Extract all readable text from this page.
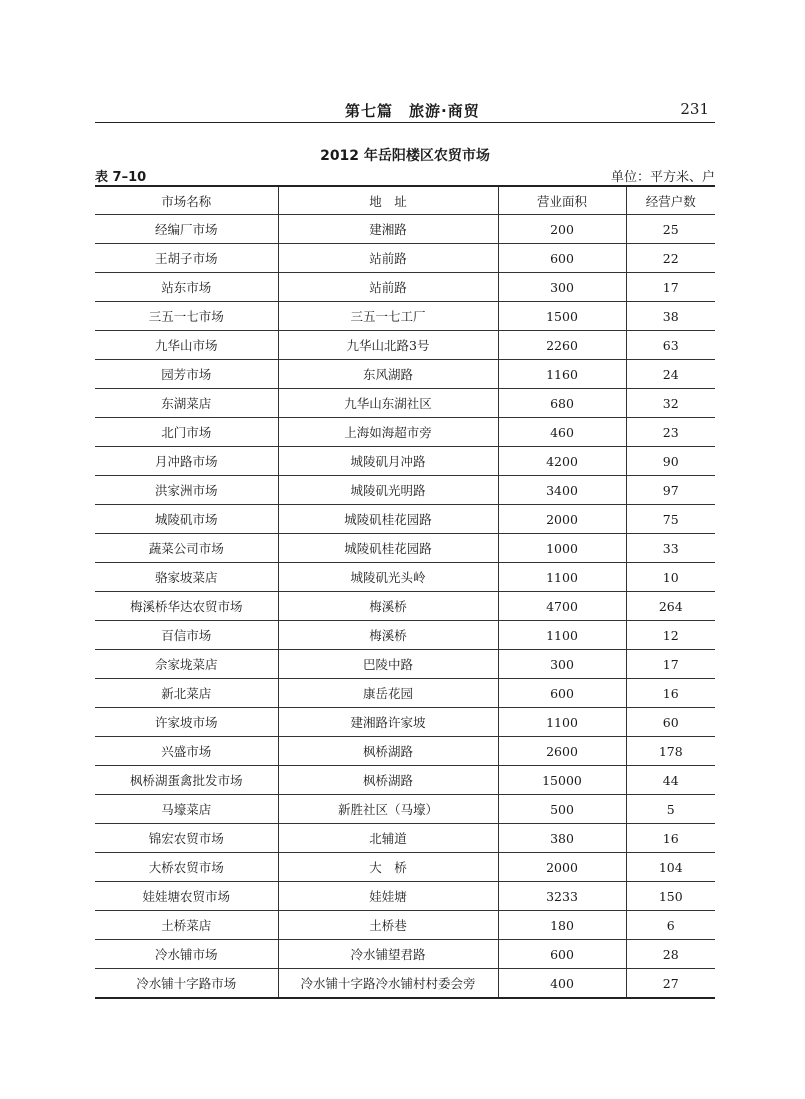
第七篇　旅游·商贸	231
2012 年岳阳楼区农贸市场
表 7–10	单位：平方米、户
市场名称	地　址	营业面积	经营户数
经编厂市场	建湘路	200	25
王胡子市场	站前路	600	22
站东市场	站前路	300	17
三五一七市场	三五一七工厂	1500	38
九华山市场	九华山北路3号	2260	63
园芳市场	东风湖路	1160	24
东湖菜店	九华山东湖社区	680	32
北门市场	上海如海超市旁	460	23
月冲路市场	城陵矶月冲路	4200	90
洪家洲市场	城陵矶光明路	3400	97
城陵矶市场	城陵矶桂花园路	2000	75
蔬菜公司市场	城陵矶桂花园路	1000	33
骆家坡菜店	城陵矶光头岭	1100	10
梅溪桥华达农贸市场	梅溪桥	4700	264
百信市场	梅溪桥	1100	12
佘家垅菜店	巴陵中路	300	17
新北菜店	康岳花园	600	16
许家坡市场	建湘路许家坡	1100	60
兴盛市场	枫桥湖路	2600	178
枫桥湖蛋禽批发市场	枫桥湖路	15000	44
马壕菜店	新胜社区（马壕）	500	5
锦宏农贸市场	北辅道	380	16
大桥农贸市场	大　桥	2000	104
娃娃塘农贸市场	娃娃塘	3233	150
土桥菜店	土桥巷	180	6
冷水铺市场	冷水铺望君路	600	28
冷水铺十字路市场	冷水铺十字路冷水铺村村委会旁	400	27
